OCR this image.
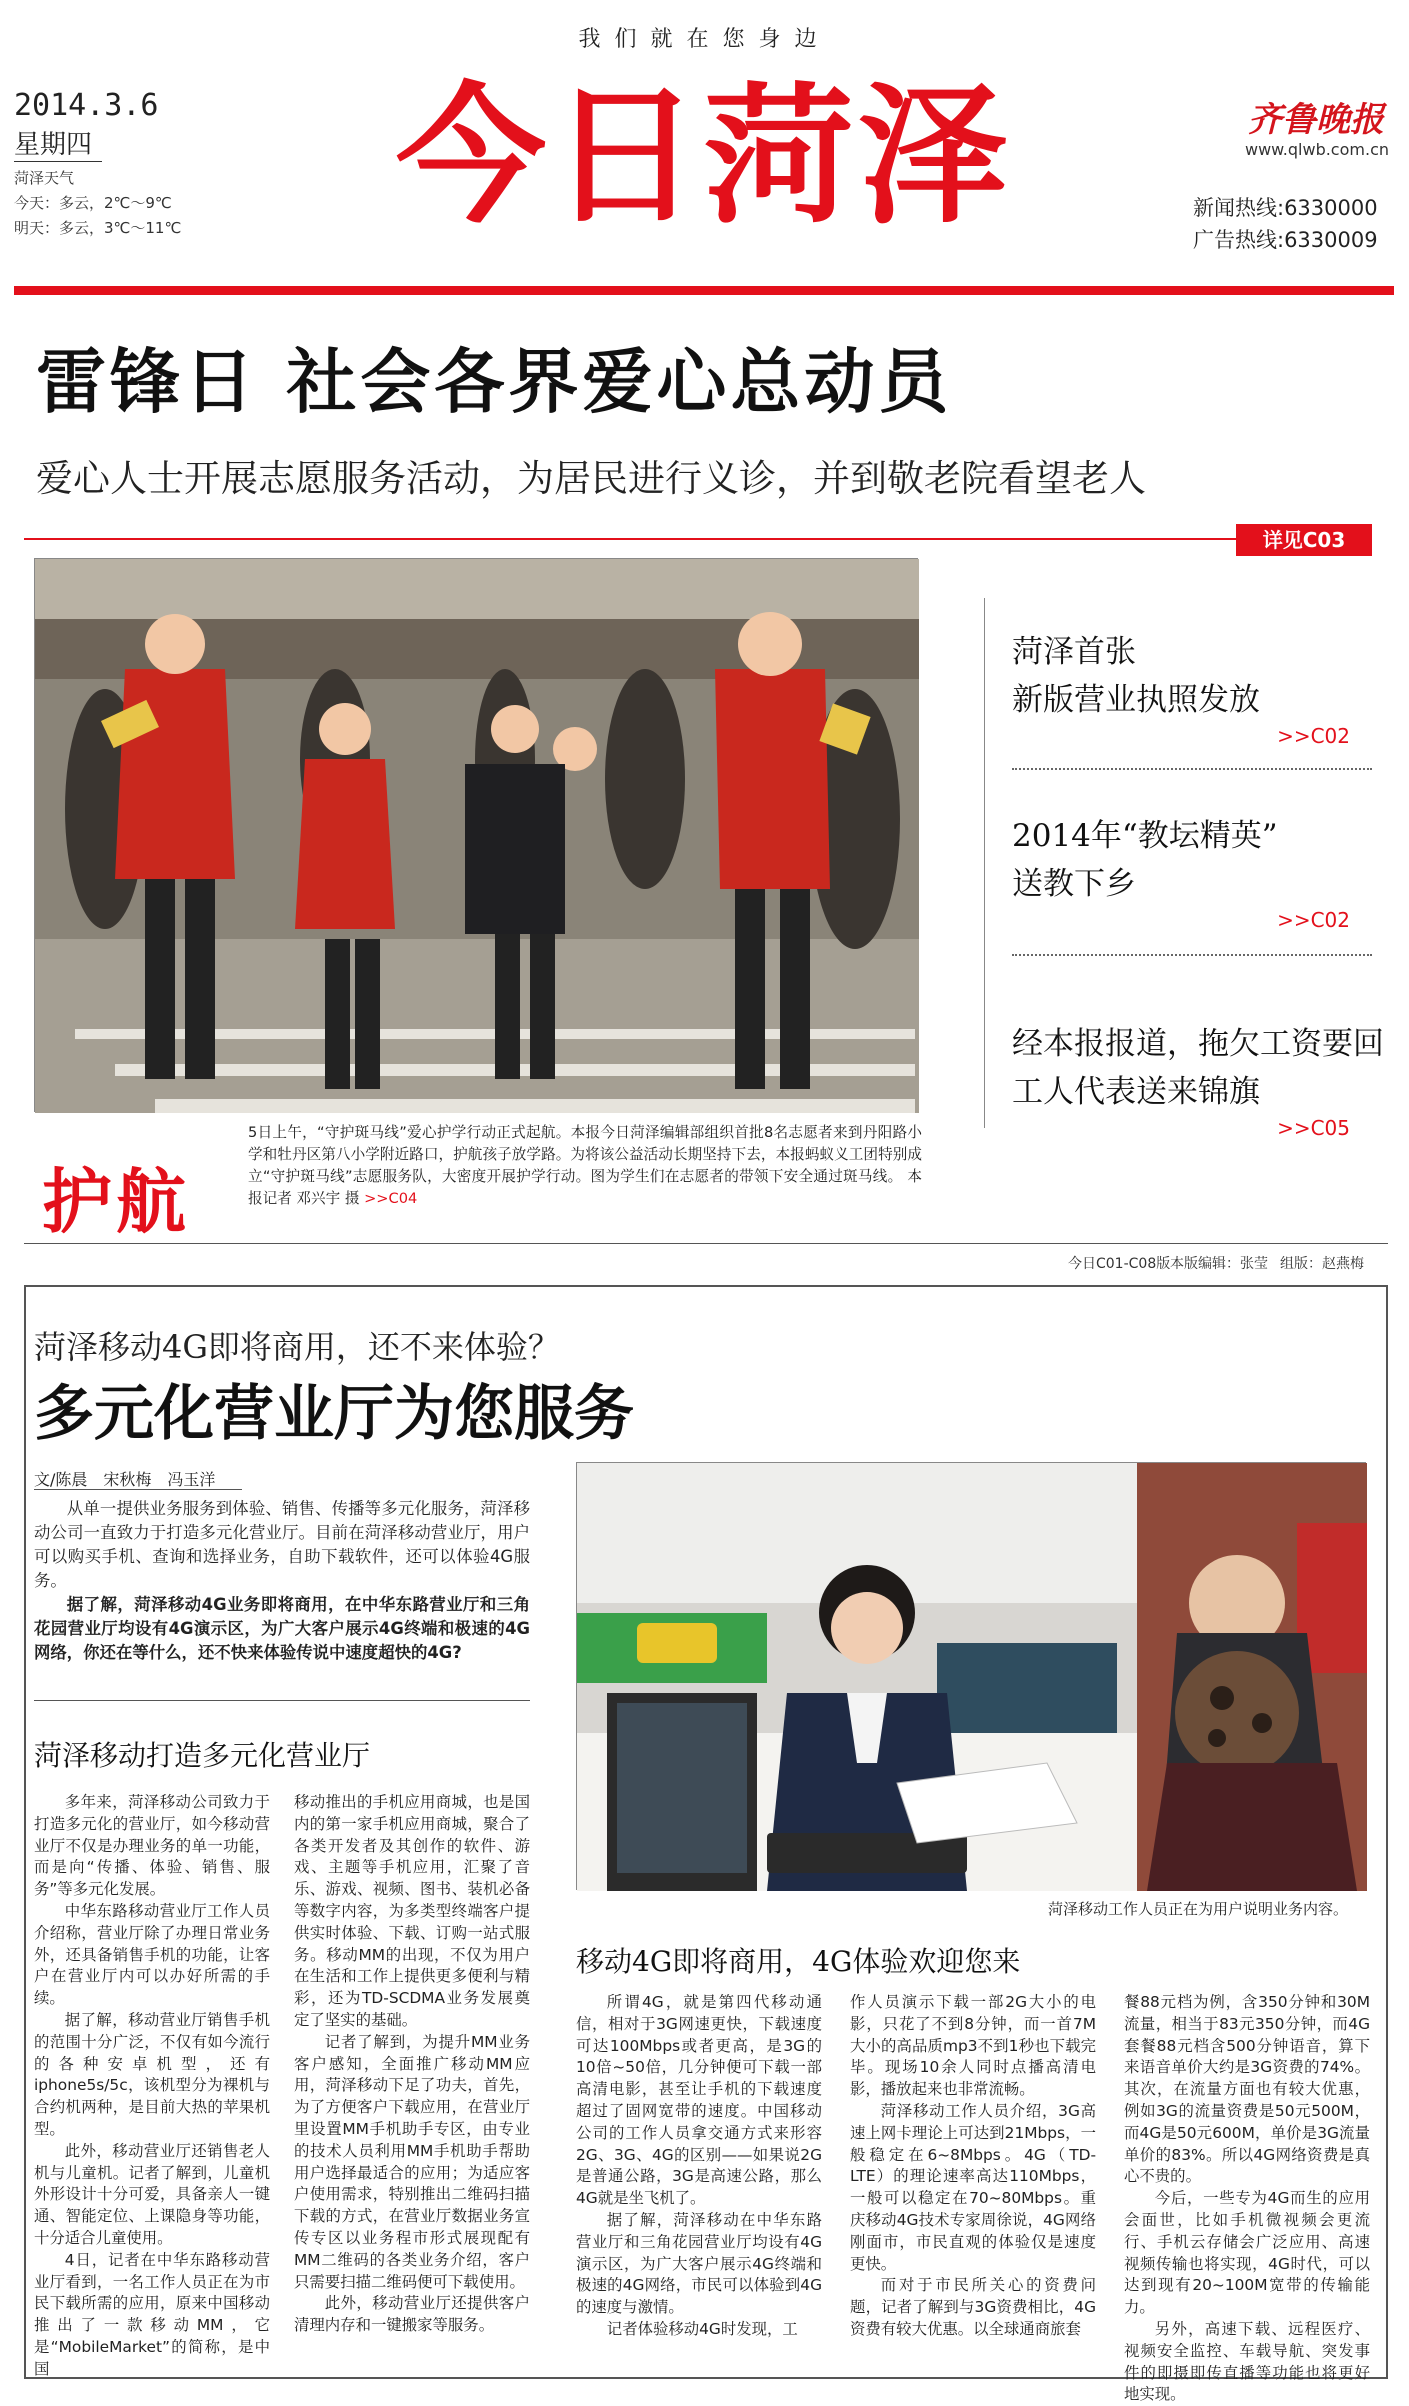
我们就在您身边
2014.3.6
星期四
菏泽天气
今天：多云，2℃～9℃
明天：多云，3℃～11℃ 今日菏泽	齐鲁晚报
www.qlwb.com.cn
新闻热线:6330000
广告热线:6330009
雷锋日 社会各界爱心总动员
爱心人士开展志愿服务活动，为居民进行义诊，并到敬老院看望老人
详见C03
护航
5日上午，“守护斑马线”爱心护学行动正式起航。本报今日菏泽编辑部组织首批8名志愿者来到丹阳路小学和牡丹区第八小学附近路口，护航孩子放学路。为将该公益活动长期坚持下去，本报蚂蚁义工团特别成立“守护斑马线”志愿服务队，大密度开展护学行动。图为学生们在志愿者的带领下安全通过斑马线。 本报记者 邓兴宇 摄 >>C04
菏泽首张
新版营业执照发放
>>C02
2014年“教坛精英”
送教下乡
>>C02
经本报报道，拖欠工资要回
工人代表送来锦旗
>>C05
今日C01-C08版 本版编辑：张莹 组版：赵燕梅
菏泽移动4G即将商用，还不来体验？
多元化营业厅为您服务
文/陈晨　宋秋梅　冯玉洋

从单一提供业务服务到体验、销售、传播等多元化服务，菏泽移动公司一直致力于打造多元化营业厅。目前在菏泽移动营业厅，用户可以购买手机、查询和选择业务，自助下载软件，还可以体验4G服务。

据了解，菏泽移动4G业务即将商用，在中华东路营业厅和三角花园营业厅均设有4G演示区，为广大客户展示4G终端和极速的4G网络，你还在等什么，还不快来体验传说中速度超快的4G?

菏泽移动打造多元化营业厅

多年来，菏泽移动公司致力于打造多元化的营业厅，如今移动营业厅不仅是办理业务的单一功能，而是向“传播、体验、销售、服务”等多元化发展。

中华东路移动营业厅工作人员介绍称，营业厅除了办理日常业务外，还具备销售手机的功能，让客户在营业厅内可以办好所需的手续。

据了解，移动营业厅销售手机的范围十分广泛，不仅有如今流行的各种安卓机型，还有iphone5s/5c，该机型分为裸机与合约机两种，是目前大热的苹果机型。

此外，移动营业厅还销售老人机与儿童机。记者了解到，儿童机外形设计十分可爱，具备亲人一键通、智能定位、上课隐身等功能，十分适合儿童使用。

4日，记者在中华东路移动营业厅看到，一名工作人员正在为市民下载所需的应用，原来中国移动推出了一款移动MM，它是“MobileMarket”的简称，是中国

移动推出的手机应用商城，也是国内的第一家手机应用商城，聚合了各类开发者及其创作的软件、游戏、主题等手机应用，汇聚了音乐、游戏、视频、图书、装机必备等数字内容，为多类型终端客户提供实时体验、下载、订购一站式服务。移动MM的出现，不仅为用户在生活和工作上提供更多便利与精彩，还为TD-SCDMA业务发展奠定了坚实的基础。

记者了解到，为提升MM业务客户感知，全面推广移动MM应用，菏泽移动下足了功夫，首先，为了方便客户下载应用，在营业厅里设置MM手机助手专区，由专业的技术人员利用MM手机助手帮助用户选择最适合的应用；为适应客户使用需求，特别推出二维码扫描下载的方式，在营业厅数据业务宣传专区以业务程市形式展现配有MM二维码的各类业务介绍，客户只需要扫描二维码便可下载使用。

此外，移动营业厅还提供客户清理内存和一键搬家等服务。

菏泽移动工作人员正在为用户说明业务内容。
移动4G即将商用，4G体验欢迎您来

所谓4G，就是第四代移动通信，相对于3G网速更快，下载速度可达100Mbps或者更高，是3G的10倍~50倍，几分钟便可下载一部高清电影，甚至让手机的下载速度超过了固网宽带的速度。中国移动公司的工作人员拿交通方式来形容2G、3G、4G的区别——如果说2G是普通公路，3G是高速公路，那么4G就是坐飞机了。

据了解，菏泽移动在中华东路营业厅和三角花园营业厅均设有4G演示区，为广大客户展示4G终端和极速的4G网络，市民可以体验到4G的速度与激情。

记者体验移动4G时发现，工

作人员演示下载一部2G大小的电影，只花了不到8分钟，而一首7M大小的高品质mp3不到1秒也下载完毕。现场10余人同时点播高清电影，播放起来也非常流畅。

菏泽移动工作人员介绍，3G高速上网卡理论上可达到21Mbps，一般稳定在6~8Mbps。4G（TD-LTE）的理论速率高达110Mbps，一般可以稳定在70~80Mbps。重庆移动4G技术专家周徐说，4G网络刚面市，市民直观的体验仅是速度更快。

而对于市民所关心的资费问题，记者了解到与3G资费相比，4G资费有较大优惠。以全球通商旅套

餐88元档为例，含350分钟和30M流量，相当于83元350分钟，而4G套餐88元档含500分钟语音，算下来语音单价大约是3G资费的74%。其次，在流量方面也有较大优惠，例如3G的流量资费是50元500M，而4G是50元600M，单价是3G流量单价的83%。所以4G网络资费是真心不贵的。

今后，一些专为4G而生的应用会面世，比如手机微视频会更流行、手机云存储会广泛应用、高速视频传输也将实现，4G时代，可以达到现有20~100M宽带的传输能力。

另外，高速下载、远程医疗、视频安全监控、车载导航、突发事件的即摄即传直播等功能也将更好地实现。
